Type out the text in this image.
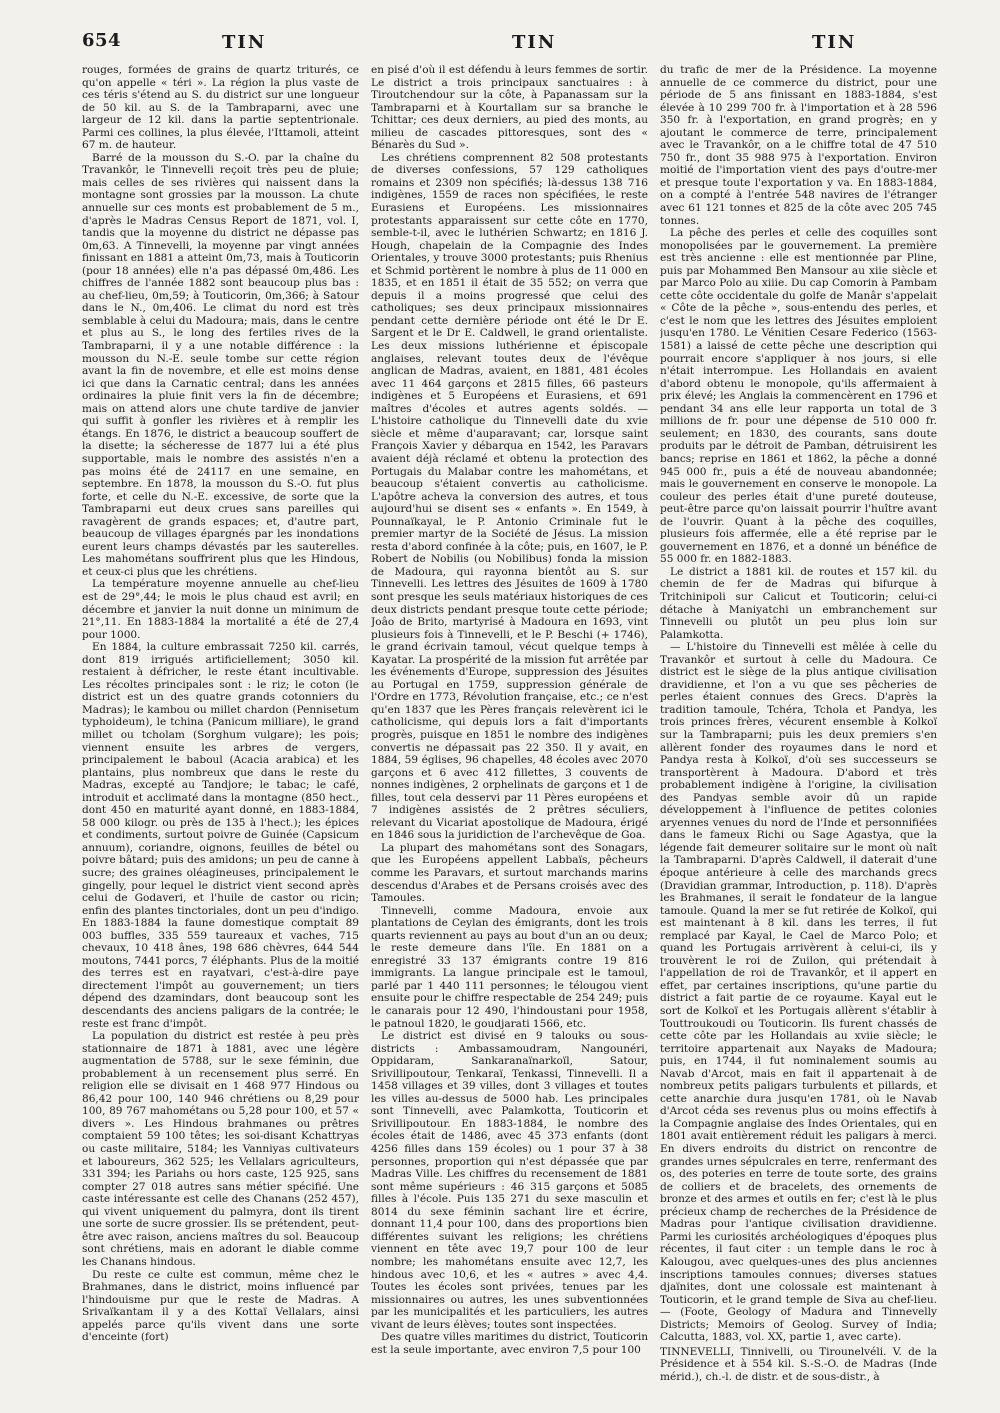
654	TIN	TIN	TIN

rouges, formées de grains de quartz triturés, ce qu'on appelle « téri ». La région la plus vaste de ces téris s'étend au S. du district sur une longueur de 50 kil. au S. de la Tambraparni, avec une largeur de 12 kil. dans la partie septentrionale. Parmi ces collines, la plus élevée, l'Ittamoli, atteint 67 m. de hauteur.

Barré de la mousson du S.-O. par la chaîne du Travankôr, le Tinnevelli reçoit très peu de pluie; mais celles de ses rivières qui naissent dans la montagne sont grossies par la mousson. La chute annuelle sur ces monts est probablement de 5 m., d'après le Madras Census Report de 1871, vol. I, tandis que la moyenne du district ne dépasse pas 0m,63. A Tinnevelli, la moyenne par vingt années finissant en 1881 a atteint 0m,73, mais à Touticorin (pour 18 années) elle n'a pas dépassé 0m,486. Les chiffres de l'année 1882 sont beaucoup plus bas : au chef-lieu, 0m,59; à Touticorin, 0m,366; à Satour dans le N., 0m,406. Le climat du nord est très semblable à celui du Madoura; mais, dans le centre et plus au S., le long des fertiles rives de la Tambraparni, il y a une notable différence : la mousson du N.-E. seule tombe sur cette région avant la fin de novembre, et elle est moins dense ici que dans la Carnatic central; dans les années ordinaires la pluie finit vers la fin de décembre; mais on attend alors une chute tardive de janvier qui suffit à gonfler les rivières et à remplir les étangs. En 1876, le district a beaucoup souffert de la disette; la sécheresse de 1877 lui a été plus supportable, mais le nombre des assistés n'en a pas moins été de 24117 en une semaine, en septembre. En 1878, la mousson du S.-O. fut plus forte, et celle du N.-E. excessive, de sorte que la Tambraparni eut deux crues sans pareilles qui ravagèrent de grands espaces; et, d'autre part, beaucoup de villages épargnés par les inondations eurent leurs champs dévastés par les sauterelles. Les mahométans souffrirent plus que les Hindous, et ceux-ci plus que les chrétiens.

La température moyenne annuelle au chef-lieu est de 29°,44; le mois le plus chaud est avril; en décembre et janvier la nuit donne un minimum de 21°,11. En 1883-1884 la mortalité a été de 27,4 pour 1000.

En 1884, la culture embrassait 7250 kil. carrés, dont 819 irrigués artificiellement; 3050 kil. restaient à défricher, le reste étant incultivable. Les récoltes principales sont : le riz; le coton (le district est un des quatre grands cotonniers du Madras); le kambou ou millet chardon (Pennisetum typhoideum), le tchina (Panicum milliare), le grand millet ou tcholam (Sorghum vulgare); les pois; viennent ensuite les arbres de vergers, principalement le baboul (Acacia arabica) et les plantains, plus nombreux que dans le reste du Madras, excepté au Tandjore; le tabac; le café, introduit et acclimaté dans la montagne (850 hect., dont 450 en maturité ayant donné, en 1883-1884, 58 000 kilogr. ou près de 135 à l'hect.); les épices et condiments, surtout poivre de Guinée (Capsicum annuum), coriandre, oignons, feuilles de bétel ou poivre bâtard; puis des amidons; un peu de canne à sucre; des graines oléagineuses, principalement le gingelly, pour lequel le district vient second après celui de Godaveri, et l'huile de castor ou ricin; enfin des plantes tinctoriales, dont un peu d'indigo. En 1883-1884 la faune domestique comptait 89 003 buffles, 335 559 taureaux et vaches, 715 chevaux, 10 418 ânes, 198 686 chèvres, 644 544 moutons, 7441 porcs, 7 éléphants. Plus de la moitié des terres est en rayatvari, c'est-à-dire paye directement l'impôt au gouvernement; un tiers dépend des dzamindars, dont beaucoup sont les descendants des anciens paligars de la contrée; le reste est franc d'impôt.

La population du district est restée à peu près stationnaire de 1871 à 1881, avec une légère augmentation de 5788, sur le sexe féminin, due probablement à un recensement plus serré. En religion elle se divisait en 1 468 977 Hindous ou 86,42 pour 100, 140 946 chrétiens ou 8,29 pour 100, 89 767 mahométans ou 5,28 pour 100, et 57 « divers ». Les Hindous brahmanes ou prêtres comptaient 59 100 têtes; les soi-disant Kchattryas ou caste militaire, 5184; les Vanniyas cultivateurs et laboureurs, 362 525; les Vellalars agriculteurs, 331 394; les Pariahs ou hors caste, 125 925, sans compter 27 018 autres sans métier spécifié. Une caste intéressante est celle des Chanans (252 457), qui vivent uniquement du palmyra, dont ils tirent une sorte de sucre grossier. Ils se prétendent, peut-être avec raison, anciens maîtres du sol. Beaucoup sont chrétiens, mais en adorant le diable comme les Chanans hindous.

Du reste ce culte est commun, même chez le Brahmanes, dans le district, moins influencé par l'hindouisme pur que le reste de Madras. A Srivaïkantam il y a des Kottaï Vellalars, ainsi appelés parce qu'ils vivent dans une sorte d'enceinte (fort)

en pisé d'où il est défendu à leurs femmes de sortir. Le district a trois principaux sanctuaires : à Tiroutchendour sur la côte, à Papanassam sur la Tambraparni et à Kourtallam sur sa branche le Tchittar; ces deux derniers, au pied des monts, au milieu de cascades pittoresques, sont des « Bénarès du Sud ».

Les chrétiens comprennent 82 508 protestants de diverses confessions, 57 129 catholiques romains et 2309 non spécifiés; là-dessus 138 716 indigènes, 1559 de races non spécifiées, le reste Eurasiens et Européens. Les missionnaires protestants apparaissent sur cette côte en 1770, semble-t-il, avec le luthérien Schwartz; en 1816 J. Hough, chapelain de la Compagnie des Indes Orientales, y trouve 3000 protestants; puis Rhenius et Schmid portèrent le nombre à plus de 11 000 en 1835, et en 1851 il était de 35 552; on verra que depuis il a moins progressé que celui des catholiques; ses deux principaux missionnaires pendant cette dernière période ont été le Dr E. Sargent et le Dr E. Caldwell, le grand orientaliste. Les deux missions luthérienne et épiscopale anglaises, relevant toutes deux de l'évêque anglican de Madras, avaient, en 1881, 481 écoles avec 11 464 garçons et 2815 filles, 66 pasteurs indigènes et 5 Européens et Eurasiens, et 691 maîtres d'écoles et autres agents soldés. — L'histoire catholique du Tinnevelli date du xvie siècle et même d'auparavant; car, lorsque saint François Xavier y débarqua en 1542, les Paravars avaient déjà réclamé et obtenu la protection des Portugais du Malabar contre les mahométans, et beaucoup s'étaient convertis au catholicisme. L'apôtre acheva la conversion des autres, et tous aujourd'hui se disent ses « enfants ». En 1549, à Pounnaïkayal, le P. Antonio Criminale fut le premier martyr de la Société de Jésus. La mission resta d'abord confinée à la côte; puis, en 1607, le P. Robert de Nobilis (ou Nobilibus) fonda la mission de Madoura, qui rayonna bientôt au S. sur Tinnevelli. Les lettres des Jésuites de 1609 à 1780 sont presque les seuls matériaux historiques de ces deux districts pendant presque toute cette période; Joâo de Brito, martyrisé à Madoura en 1693, vint plusieurs fois à Tinnevelli, et le P. Beschi (+ 1746), le grand écrivain tamoul, vécut quelque temps à Kayatar. La prospérité de la mission fut arrêtée par les événements d'Europe, suppression des Jésuites au Portugal en 1759, suppression générale de l'Ordre en 1773, Révolution française, etc.; ce n'est qu'en 1837 que les Pères français relevèrent ici le catholicisme, qui depuis lors a fait d'importants progrès, puisque en 1851 le nombre des indigènes convertis ne dépassait pas 22 350. Il y avait, en 1884, 59 églises, 96 chapelles, 48 écoles avec 2070 garçons et 6 avec 412 fillettes, 3 couvents de nonnes indigènes, 2 orphelinats de garçons et 1 de filles, tout cela desservi par 11 Pères européens et 7 indigènes assistés de 2 prêtres séculiers, relevant du Vicariat apostolique de Madoura, érigé en 1846 sous la juridiction de l'archevêque de Goa.

La plupart des mahométans sont des Sonagars, que les Européens appellent Labbaïs, pêcheurs comme les Paravars, et surtout marchands marins descendus d'Arabes et de Persans croisés avec des Tamoules.

Tinnevelli, comme Madoura, envoie aux plantations de Ceylan des émigrants, dont les trois quarts reviennent au pays au bout d'un an ou deux; le reste demeure dans l'île. En 1881 on a enregistré 33 137 émigrants contre 19 816 immigrants. La langue principale est le tamoul, parlé par 1 440 111 personnes; le télougou vient ensuite pour le chiffre respectable de 254 249; puis le canarais pour 12 490, l'hindoustani pour 1958, le patnoul 1820, le goudjarati 1566, etc.

Le district est divisé en 9 talouks ou sous-districts : Ambassamoudram, Nangounéri, Oppidaram, Sankaranaïnarkoïl, Satour, Srivillipoutour, Tenkaraï, Tenkassi, Tinnevelli. Il a 1458 villages et 39 villes, dont 3 villages et toutes les villes au-dessus de 5000 hab. Les principales sont Tinnevelli, avec Palamkotta, Touticorin et Srivillipoutour. En 1883-1884, le nombre des écoles était de 1486, avec 45 373 enfants (dont 4256 filles dans 159 écoles) ou 1 pour 37 à 38 personnes, proportion qui n'est dépassée que par Madras Ville. Les chiffres du recensement de 1881 sont même supérieurs : 46 315 garçons et 5085 filles à l'école. Puis 135 271 du sexe masculin et 8014 du sexe féminin sachant lire et écrire, donnant 11,4 pour 100, dans des proportions bien différentes suivant les religions; les chrétiens viennent en tête avec 19,7 pour 100 de leur nombre; les mahométans ensuite avec 12,7, les hindous avec 10,6, et les « autres » avec 4,4. Toutes les écoles sont privées, tenues par les missionnaires ou autres, les unes subventionnées par les municipalités et les particuliers, les autres vivant de leurs élèves; toutes sont inspectées.

Des quatre villes maritimes du district, Touticorin est la seule importante, avec environ 7,5 pour 100

du trafic de mer de la Présidence. La moyenne annuelle de ce commerce du district, pour une période de 5 ans finissant en 1883-1884, s'est élevée à 10 299 700 fr. à l'importation et à 28 596 350 fr. à l'exportation, en grand progrès; en y ajoutant le commerce de terre, principalement avec le Travankôr, on a le chiffre total de 47 510 750 fr., dont 35 988 975 à l'exportation. Environ moitié de l'importation vient des pays d'outre-mer et presque toute l'exportation y va. En 1883-1884, on a compté à l'entrée 548 navires de l'étranger avec 61 121 tonnes et 825 de la côte avec 205 745 tonnes.

La pêche des perles et celle des coquilles sont monopolisées par le gouvernement. La première est très ancienne : elle est mentionnée par Pline, puis par Mohammed Ben Mansour au xiie siècle et par Marco Polo au xiiie. Du cap Comorin à Pambam cette côte occidentale du golfe de Manâr s'appelait « Côte de la pêche », sous-entendu des perles, et c'est le nom que les lettres des Jésuites emploient jusqu'en 1780. Le Vénitien Cesare Federico (1563-1581) a laissé de cette pêche une description qui pourrait encore s'appliquer à nos jours, si elle n'était interrompue. Les Hollandais en avaient d'abord obtenu le monopole, qu'ils affermaient à prix élevé; les Anglais la commencèrent en 1796 et pendant 34 ans elle leur rapporta un total de 3 millions de fr. pour une dépense de 510 000 fr. seulement; en 1830, des courants, sans doute produits par le détroit de Pamban, détruisirent les bancs; reprise en 1861 et 1862, la pêche a donné 945 000 fr., puis a été de nouveau abandonnée; mais le gouvernement en conserve le monopole. La couleur des perles était d'une pureté douteuse, peut-être parce qu'on laissait pourrir l'huître avant de l'ouvrir. Quant à la pêche des coquilles, plusieurs fois affermée, elle a été reprise par le gouvernement en 1876, et a donné un bénéfice de 55 000 fr. en 1882-1883.

Le district a 1881 kil. de routes et 157 kil. du chemin de fer de Madras qui bifurque à Tritchinipoli sur Calicut et Touticorin; celui-ci détache à Maniyatchi un embranchement sur Tinnevelli ou plutôt un peu plus loin sur Palamkotta.

— L'histoire du Tinnevelli est mêlée à celle du Travankôr et surtout à celle du Madoura. Ce district est le siège de la plus antique civilisation dravidienne, et l'on a vu que ses pêcheries de perles étaient connues des Grecs. D'après la tradition tamoule, Tchéra, Tchola et Pandya, les trois princes frères, vécurent ensemble à Kolkoï sur la Tambraparni; puis les deux premiers s'en allèrent fonder des royaumes dans le nord et Pandya resta à Kolkoï, d'où ses successeurs se transportèrent à Madoura. D'abord et très probablement indigène à l'origine, la civilisation des Pandyas semble avoir dû un rapide développement à l'influence de petites colonies aryennes venues du nord de l'Inde et personnifiées dans le fameux Richi ou Sage Agastya, que la légende fait demeurer solitaire sur le mont où naît la Tambraparni. D'après Caldwell, il daterait d'une époque antérieure à celle des marchands grecs (Dravidian grammar, Introduction, p. 118). D'après les Brahmanes, il serait le fondateur de la langue tamoule. Quand la mer se fut retirée de Kolkoï, qui est maintenant à 8 kil. dans les terres, il fut remplacé par Kayal, le Cael de Marco Polo; et quand les Portugais arrivèrent à celui-ci, ils y trouvèrent le roi de Zuilon, qui prétendait à l'appellation de roi de Travankôr, et il appert en effet, par certaines inscriptions, qu'une partie du district a fait partie de ce royaume. Kayal eut le sort de Kolkoï et les Portugais allèrent s'établir à Touttroukoudi ou Touticorin. Ils furent chassés de cette côte par les Hollandais au xviie siècle; le territoire appartenait aux Nayaks de Madoura; puis, en 1744, il fut nominalement soumis au Navab d'Arcot, mais en fait il appartenait à de nombreux petits paligars turbulents et pillards, et cette anarchie dura jusqu'en 1781, où le Navab d'Arcot céda ses revenus plus ou moins effectifs à la Compagnie anglaise des Indes Orientales, qui en 1801 avait entièrement réduit les paligars à merci. En divers endroits du district on rencontre de grandes urnes sépulcrales en terre, renfermant des os, des poteries en terre de toute sorte, des grains de colliers et de bracelets, des ornements de bronze et des armes et outils en fer; c'est là le plus précieux champ de recherches de la Présidence de Madras pour l'antique civilisation dravidienne. Parmi les curiosités archéologiques d'époques plus récentes, il faut citer : un temple dans le roc à Kalougou, avec quelques-unes des plus anciennes inscriptions tamoules connues; diverses statues djaïnites, dont une colossale est maintenant à Touticorin, et le grand temple de Siva au chef-lieu. — (Foote, Geology of Madura and Tinnevelly Districts; Memoirs of Geolog. Survey of India; Calcutta, 1883, vol. XX, partie 1, avec carte).

TINNEVELLI, Tinnivelli, ou Tirounelvéli. V. de la Présidence et à 554 kil. S.-S.-O. de Madras (Inde mérid.), ch.-l. de distr. et de sous-distr., à
